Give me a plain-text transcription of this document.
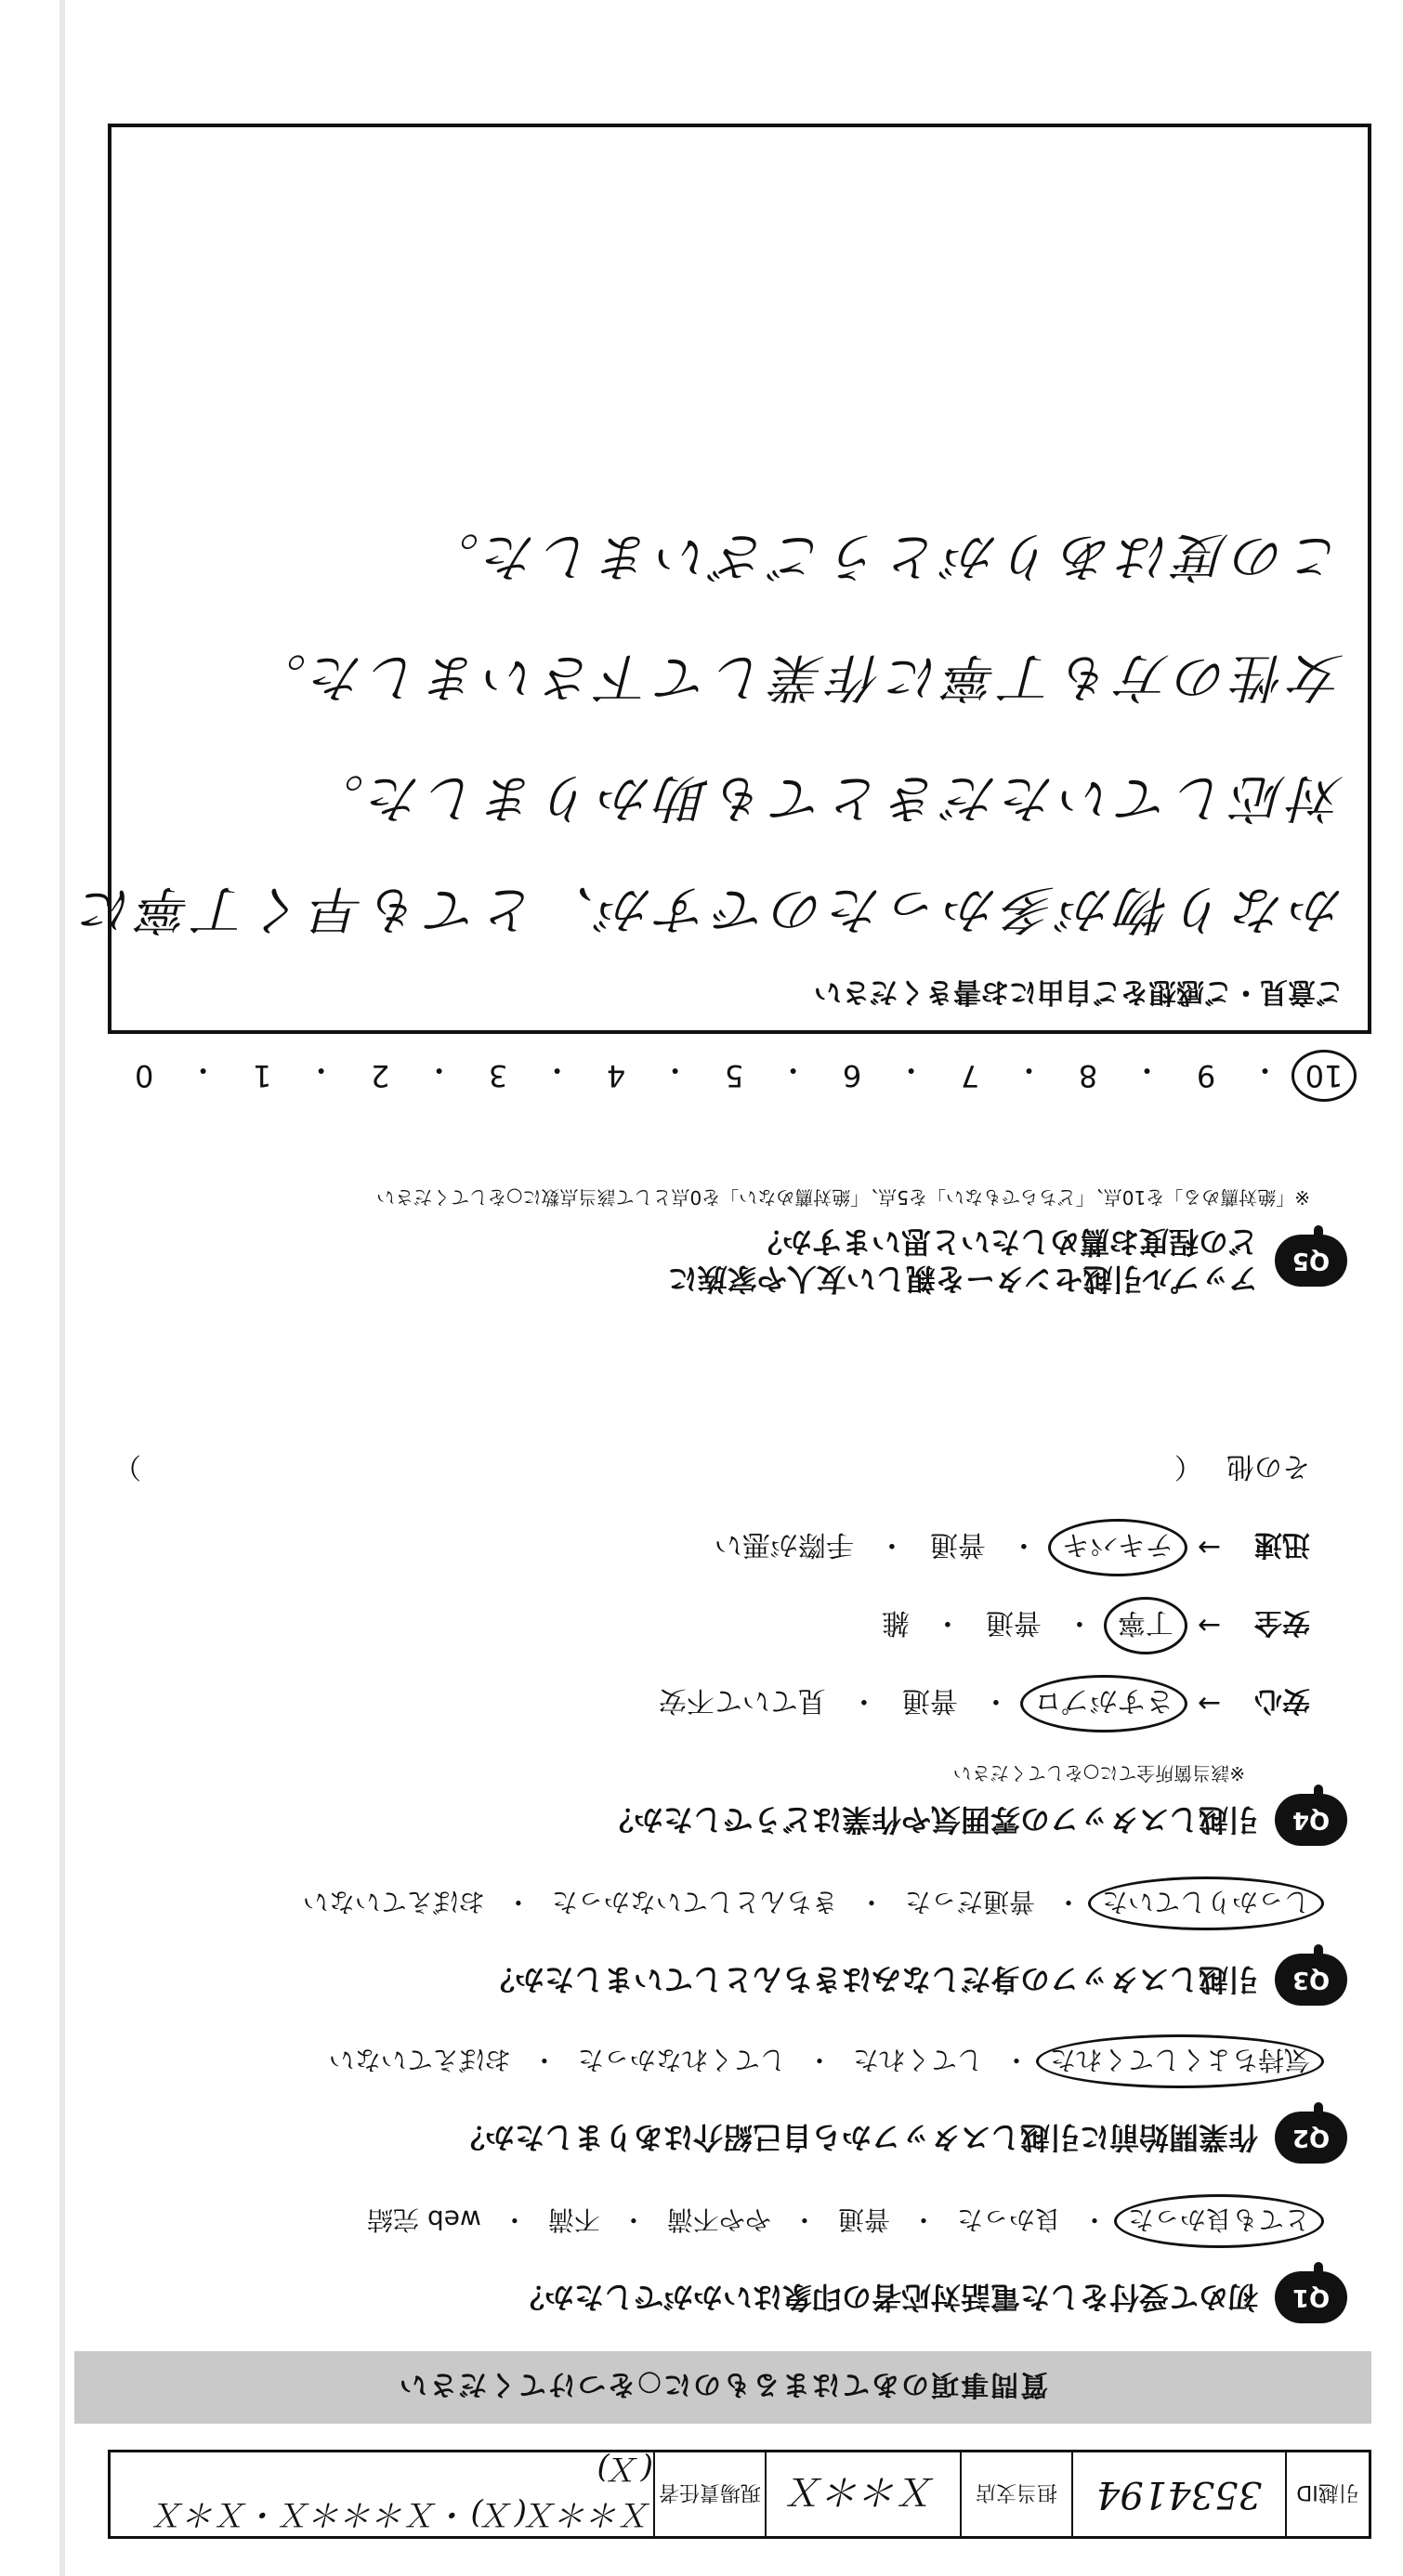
引越ID
3534194
担当支店
Ｘ＊＊Ｘ
現場責任者
Ｘ＊＊Ｘ(Ｘ)・Ｘ＊＊＊Ｘ・Ｘ＊Ｘ(Ｘ)
質問事項のあてはまるものに○をつけてください
Q1
初めて受付をした電話対応者の印象はいかがでしたか？
とても良かった
・
良かった
・
普通
・
やや不満
・
不満
・
web 完結
Q2
作業開始前に引越しスタッフから自己紹介はありましたか？
気持ちよくしてくれた
・
してくれた
・
してくれなかった
・
おぼえていない
Q3
引越しスタッフの身だしなみはきちんとしていましたか？
しっかりしていた
・
普通だった
・
きちんとしていなかった
・
おぼえていない
Q4
引越しスタッフの雰囲気や作業はどうでしたか？
※該当箇所全てに○をしてください
安心
→
さすがプロ
・
普通
・
見ていて不安
安全
→
丁寧
・
普通
・
雑
迅速
→
テキパキ
・
普通
・
手際が悪い
その他
（
）
Q5
アップル引越センターを親しい友人や家族に
どの程度お薦めしたいと思いますか？
※「絶対薦める」を10点、「どちらでもない」を5点、「絶対薦めない」を0点として該当点数に○をしてください
10
・
9
・
8
・
7
・
6
・
5
・
4
・
3
・
2
・
1
・
0
ご意見・ご感想をご自由にお書きください
かなり物が多かったのですが、とても早く丁寧に
対応していただきとても助かりました。
女性の方も丁寧に作業して下さいました。
この度はありがとうございました。
